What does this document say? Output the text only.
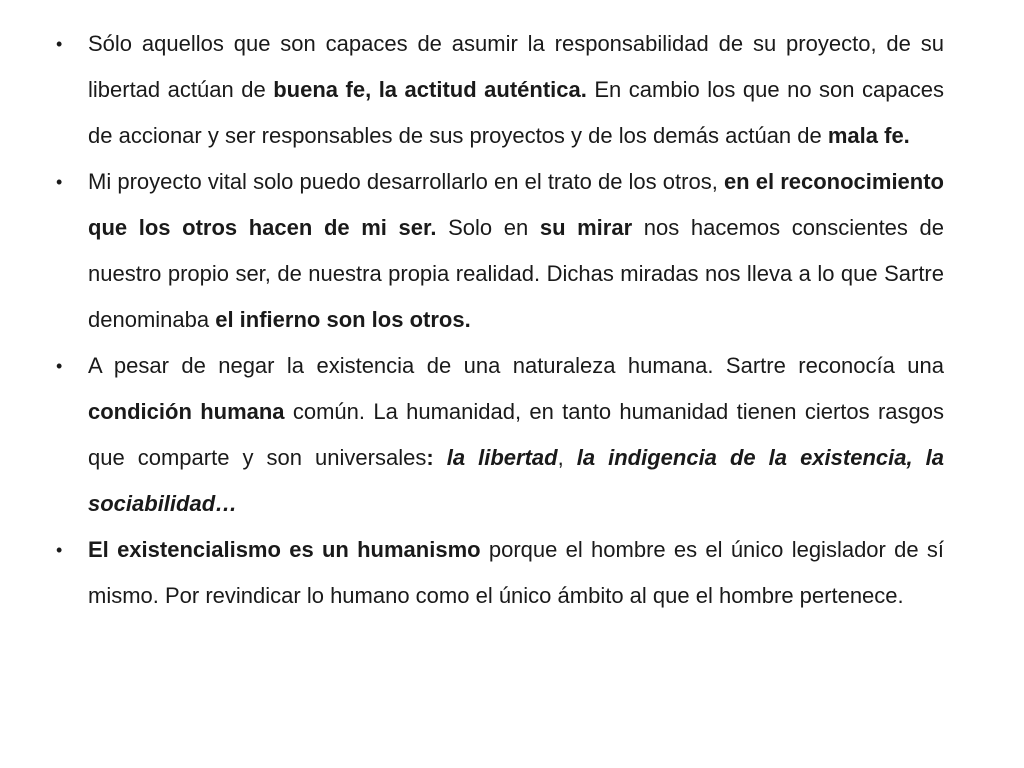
• Sólo aquellos que son capaces de asumir la responsabilidad de su proyecto, de su libertad actúan de buena fe, la actitud auténtica. En cambio los que no son capaces de accionar y ser responsables de sus proyectos y de los demás actúan de mala fe.
• Mi proyecto vital solo puedo desarrollarlo en el trato de los otros, en el reconocimiento que los otros hacen de mi ser. Solo en su mirar nos hacemos conscientes de nuestro propio ser, de nuestra propia realidad. Dichas miradas nos lleva a lo que Sartre denominaba el infierno son los otros.
• A pesar de negar la existencia de una naturaleza humana. Sartre reconocía una condición humana común. La humanidad, en tanto humanidad tienen ciertos rasgos que comparte y son universales: la libertad, la indigencia de la existencia, la sociabilidad…
• El existencialismo es un humanismo porque el hombre es el único legislador de sí mismo. Por revindicar lo humano como el único ámbito al que el hombre pertenece.
